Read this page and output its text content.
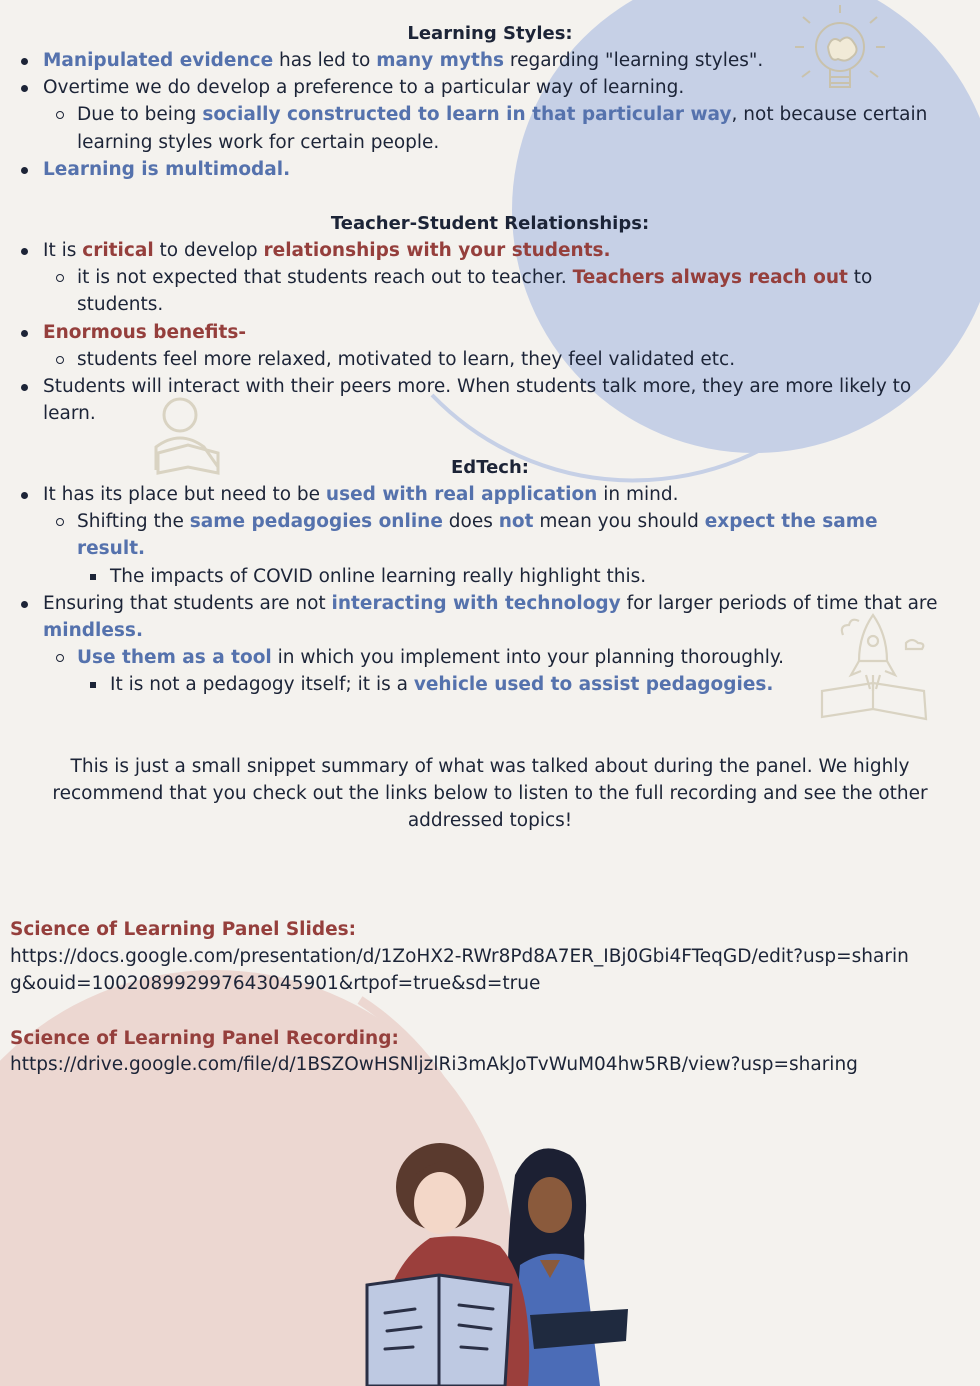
Learning Styles:
Manipulated evidence has led to many myths regarding "learning styles".
Overtime we do develop a preference to a particular way of learning.
Due to being socially constructed to learn in that particular way, not because certain learning styles work for certain people.
Learning is multimodal.
Teacher-Student Relationships:
It is critical to develop relationships with your students.
it is not expected that students reach out to teacher. Teachers always reach out to students.
Enormous benefits-
students feel more relaxed, motivated to learn, they feel validated etc.
Students will interact with their peers more. When students talk more, they are more likely to learn.
EdTech:
It has its place but need to be used with real application in mind.
Shifting the same pedagogies online does not mean you should expect the same result.
The impacts of COVID online learning really highlight this.
Ensuring that students are not interacting with technology for larger periods of time that are mindless.
Use them as a tool in which you implement into your planning thoroughly.
It is not a pedagogy itself; it is a vehicle used to assist pedagogies.

This is just a small snippet summary of what was talked about during the panel. We highly recommend that you check out the links below to listen to the full recording and see the other addressed topics!

Science of Learning Panel Slides:

https://docs.google.com/presentation/d/1ZoHX2-RWr8Pd8A7ER_IBj0Gbi4FTeqGD/edit?usp=sharing&ouid=100208992997643045901&rtpof=true&sd=true

Science of Learning Panel Recording:

https://drive.google.com/file/d/1BSZOwHSNljzlRi3mAkJoTvWuM04hw5RB/view?usp=sharing
